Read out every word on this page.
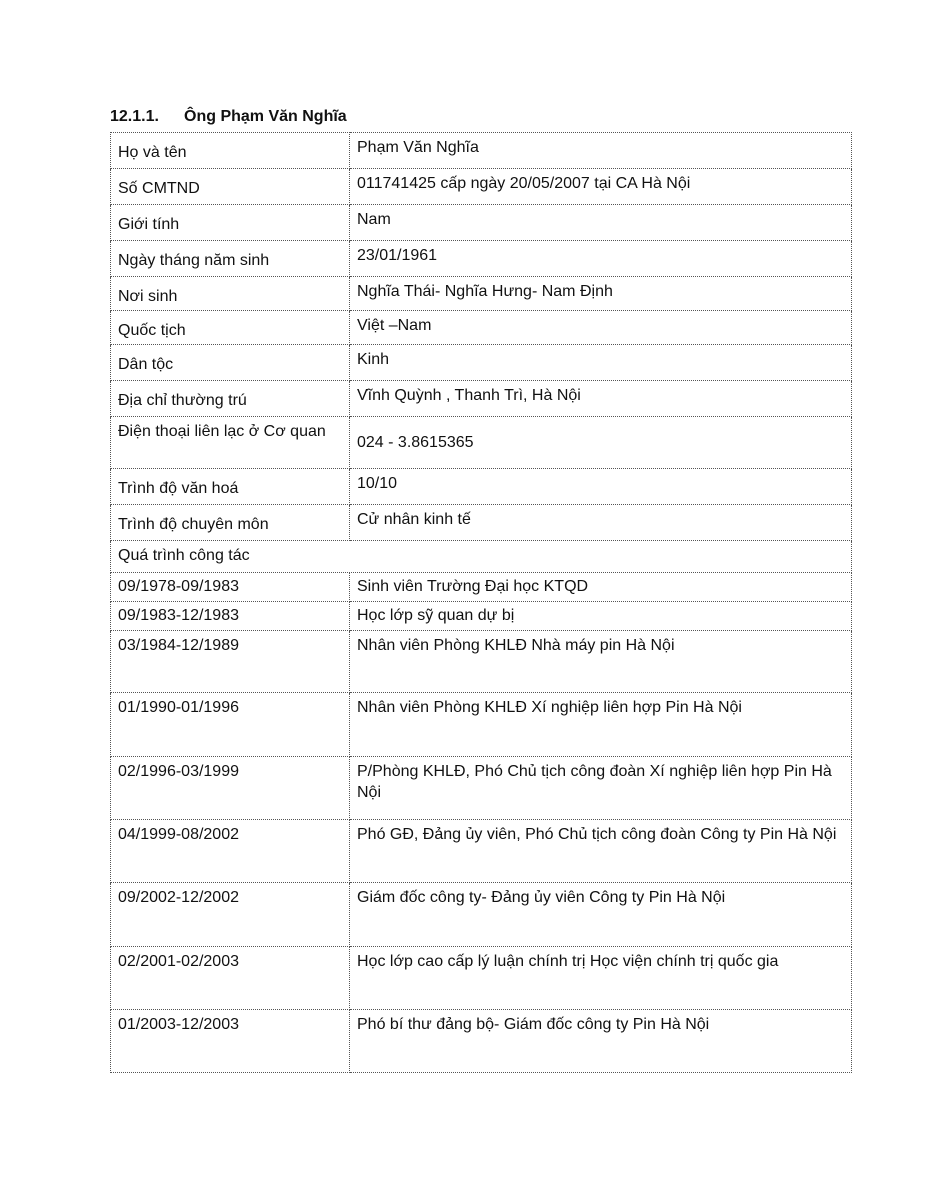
12.1.1. Ông Phạm Văn Nghĩa
Họ và tên	Phạm Văn Nghĩa
Số CMTND	011741425 cấp ngày 20/05/2007 tại CA Hà Nội
Giới tính	Nam
Ngày tháng năm sinh	23/01/1961
Nơi sinh	Nghĩa Thái- Nghĩa Hưng- Nam Định
Quốc tịch	Việt –Nam
Dân tộc	Kinh
Địa chỉ thường trú	Vĩnh Quỳnh , Thanh Trì, Hà Nội
Điện thoại liên lạc ở Cơ quan	024 - 3.8615365
Trình độ văn hoá	10/10
Trình độ chuyên môn	Cử nhân kinh tế
Quá trình công tác	
09/1978-09/1983	Sinh viên Trường Đại học KTQD
09/1983-12/1983	Học lớp sỹ quan dự bị
03/1984-12/1989	Nhân viên Phòng KHLĐ Nhà máy pin Hà Nội
01/1990-01/1996	Nhân viên Phòng KHLĐ Xí nghiệp liên hợp Pin Hà Nội
02/1996-03/1999	P/Phòng KHLĐ, Phó Chủ tịch công đoàn Xí nghiệp liên hợp Pin Hà Nội
04/1999-08/2002	Phó GĐ, Đảng ủy viên, Phó Chủ tịch công đoàn Công ty Pin Hà Nội
09/2002-12/2002	Giám đốc công ty- Đảng ủy viên Công ty Pin Hà Nội
02/2001-02/2003	Học lớp cao cấp lý luận chính trị Học viện chính trị quốc gia
01/2003-12/2003	Phó bí thư đảng bộ- Giám đốc công ty Pin Hà Nội
